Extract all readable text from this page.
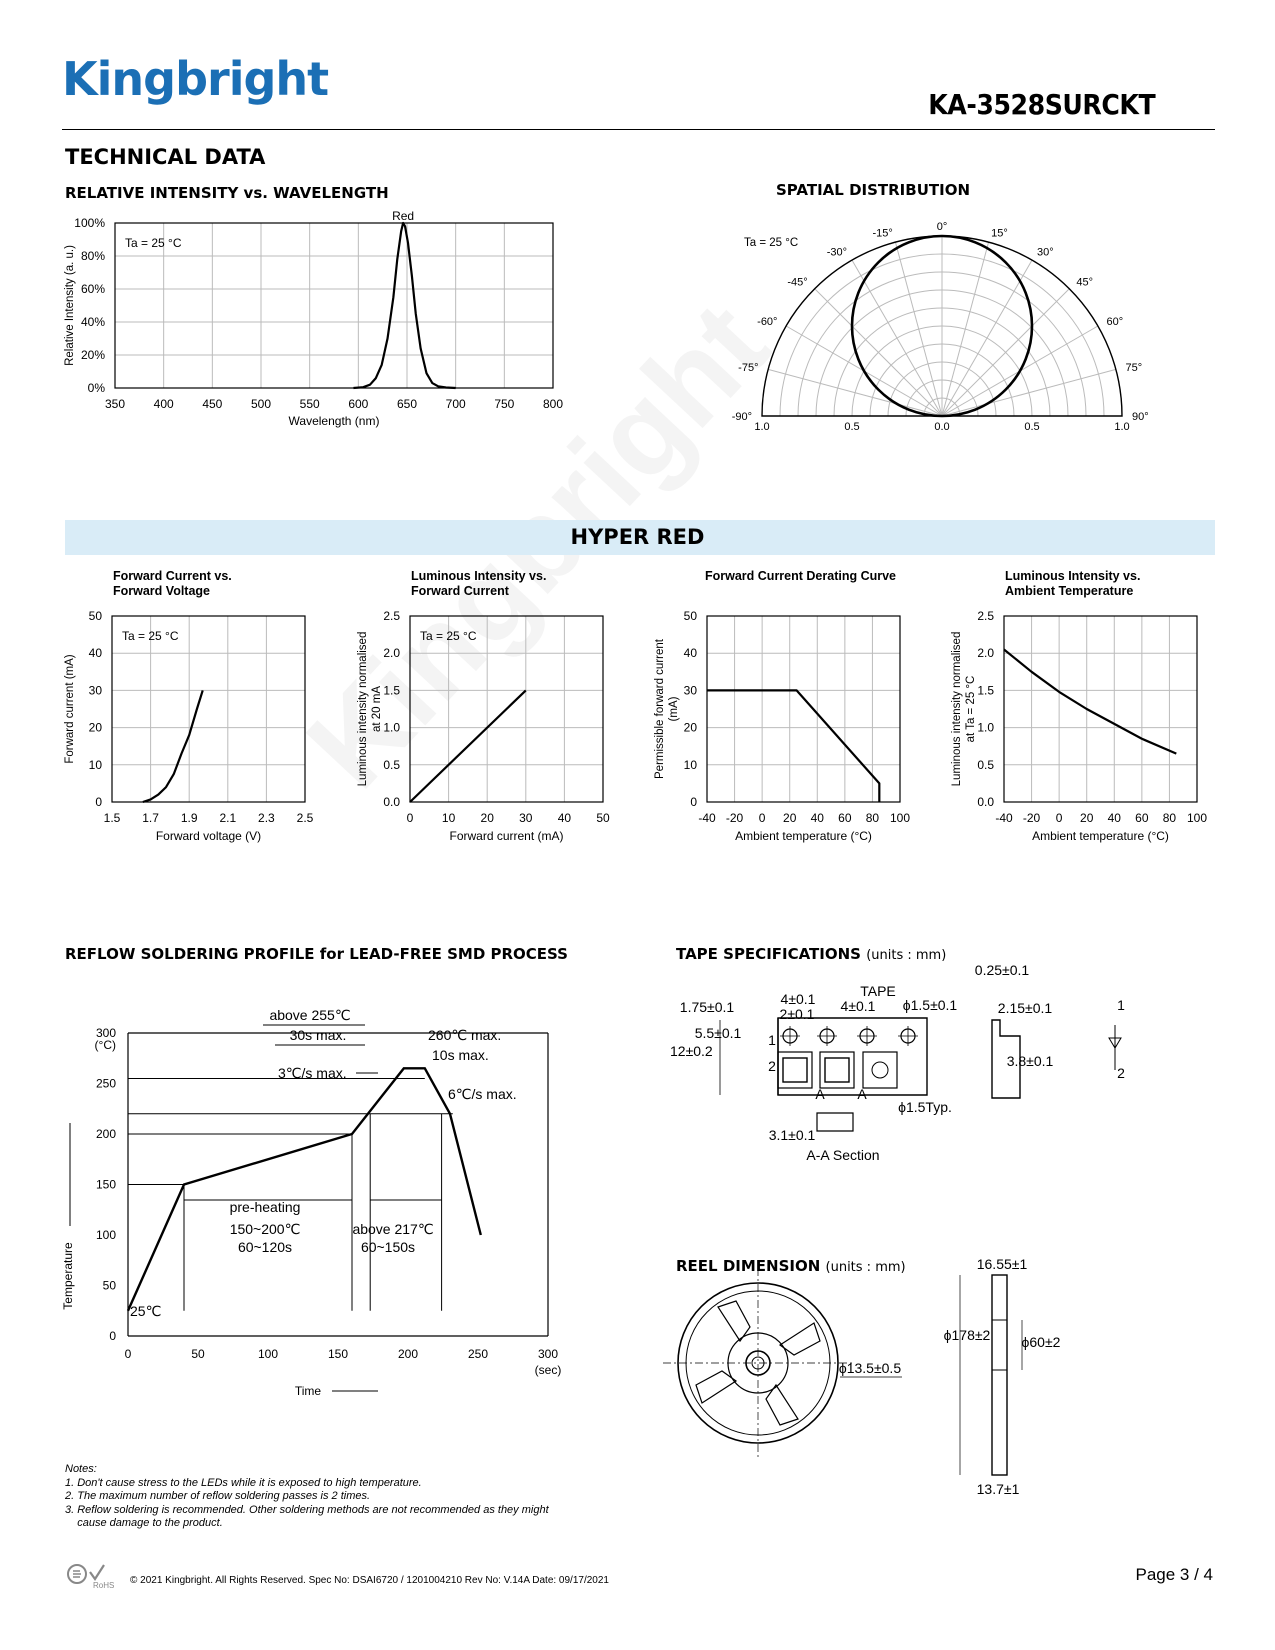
Kingbright	KA-3528SURCKT
TECHNICAL DATA
RELATIVE INTENSITY vs. WAVELENGTH
350 400 450 500 550 600 650 700 750 800
0%
20%
40%
60%
80%
100%
Wavelength (nm)
Relative Intensity (a. u.)
Red
Ta = 25 °C
SPATIAL DISTRIBUTION
0°
15°
30°
45°
60°
75°
90°
-15°
-30°
-45°
-60°
-75°
-90°
1.0	0.5	0.0	0.5	1.0
Ta = 25 °C
HYPER RED
Forward Current vs.
Forward Voltage
1.5 1.7 1.9 2.1 2.3 2.5
0
10
20
30
40
50
Forward voltage (V)
Forward current (mA)
Ta = 25 °C
Luminous Intensity vs.
Forward Current
0 10 20 30 40 50
0.0
0.5
1.0
1.5
2.0
2.5
Forward current (mA)
Luminous intensity normalised at 20 mA
Ta = 25 °C
Forward Current Derating Curve
-40 -20 0 20 40 60 80 100
0
10
20
30
40
50
Ambient temperature (°C)
Permissible forward current (mA)
Luminous Intensity vs.
Ambient Temperature
-40 -20 0 20 40 60 80 100
0.0
0.5
1.0
1.5
2.0
2.5
Ambient temperature (°C)
Luminous intensity normalised at Ta = 25 °C
REFLOW SOLDERING PROFILE for LEAD-FREE SMD PROCESS
0
50
100
150
200
250
300
0	50	100	150	200	250	300
(°C)
(sec)
above 255℃
30s max.	260℃ max.
10s max.
3℃/s max.
6℃/s max.
pre-heating
150~200℃
60~120s
above 217℃
60~150s
25℃
Temperature
Time
TAPE SPECIFICATIONS (units : mm)
TAPE
4±0.1
2±0.1 4±0.1 ϕ1.5±0.1
1.75±0.1
5.5±0.1
12±0.2
1
2
A A
ϕ1.5Typ.
3.1±0.1
A-A Section
0.25±0.1
2.15±0.1
3.8±0.1
1
2
REEL DIMENSION (units : mm)
ϕ13.5±0.5
16.55±1
ϕ178±2 ϕ60±2
13.7±1
Notes:
1. Don't cause stress to the LEDs while it is exposed to high temperature.
2. The maximum number of reflow soldering passes is 2 times.
3. Reflow soldering is recommended. Other soldering methods are not recommended as they might
cause damage to the product.
RoHS © 2021 Kingbright. All Rights Reserved. Spec No: DSAI6720 / 1201004210 Rev No: V.14A Date: 09/17/2021	Page 3 / 4
